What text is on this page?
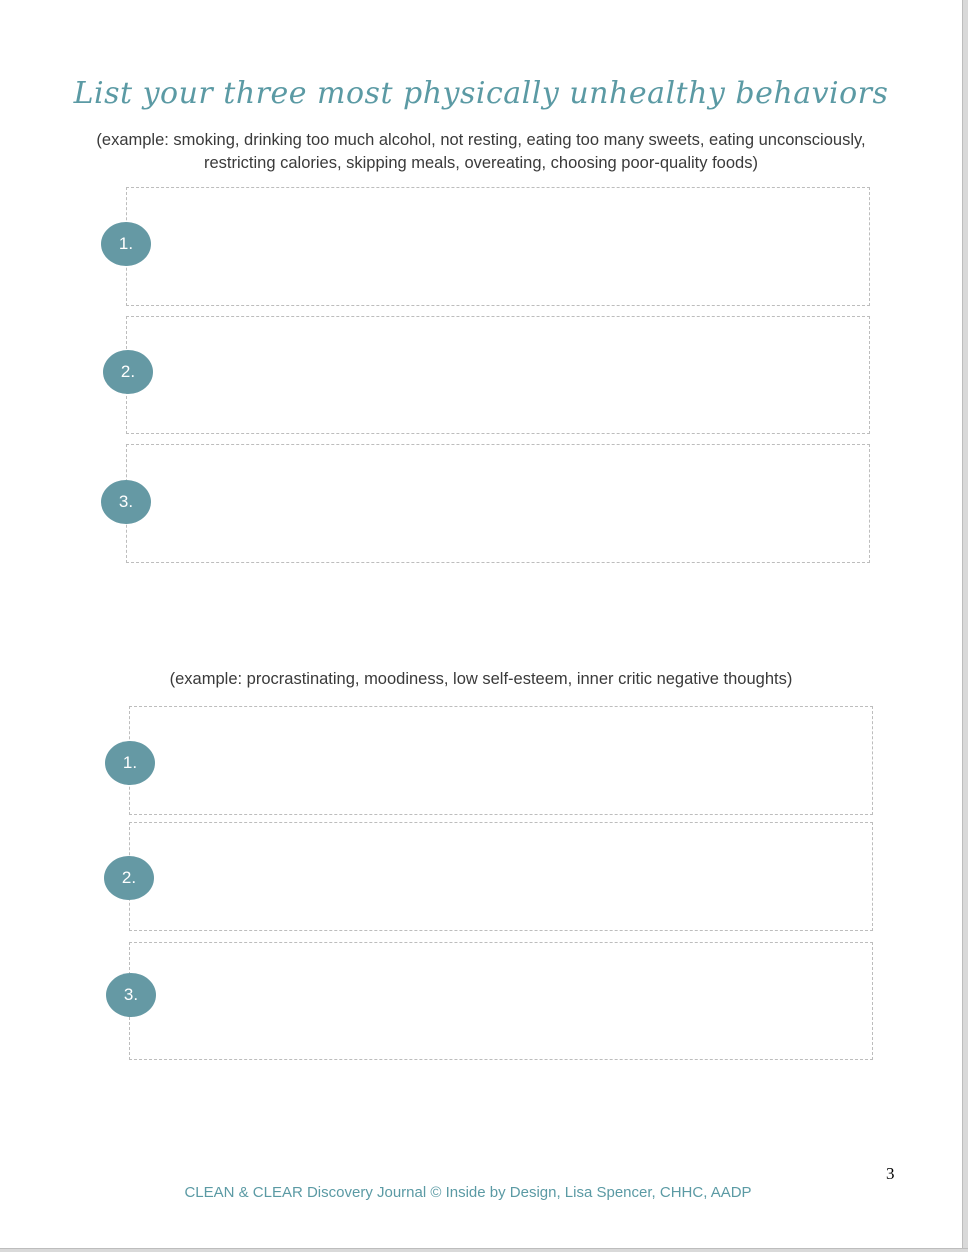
List your three most physically unhealthy behaviors
(example: smoking, drinking too much alcohol, not resting, eating too many sweets, eating unconsciously,
restricting calories, skipping meals, overeating, choosing poor-quality foods)
1.
2.
3.
(example: procrastinating, moodiness, low self-esteem, inner critic negative thoughts)
1.
2.
3.
3
CLEAN & CLEAR Discovery Journal © Inside by Design, Lisa Spencer, CHHC, AADP
